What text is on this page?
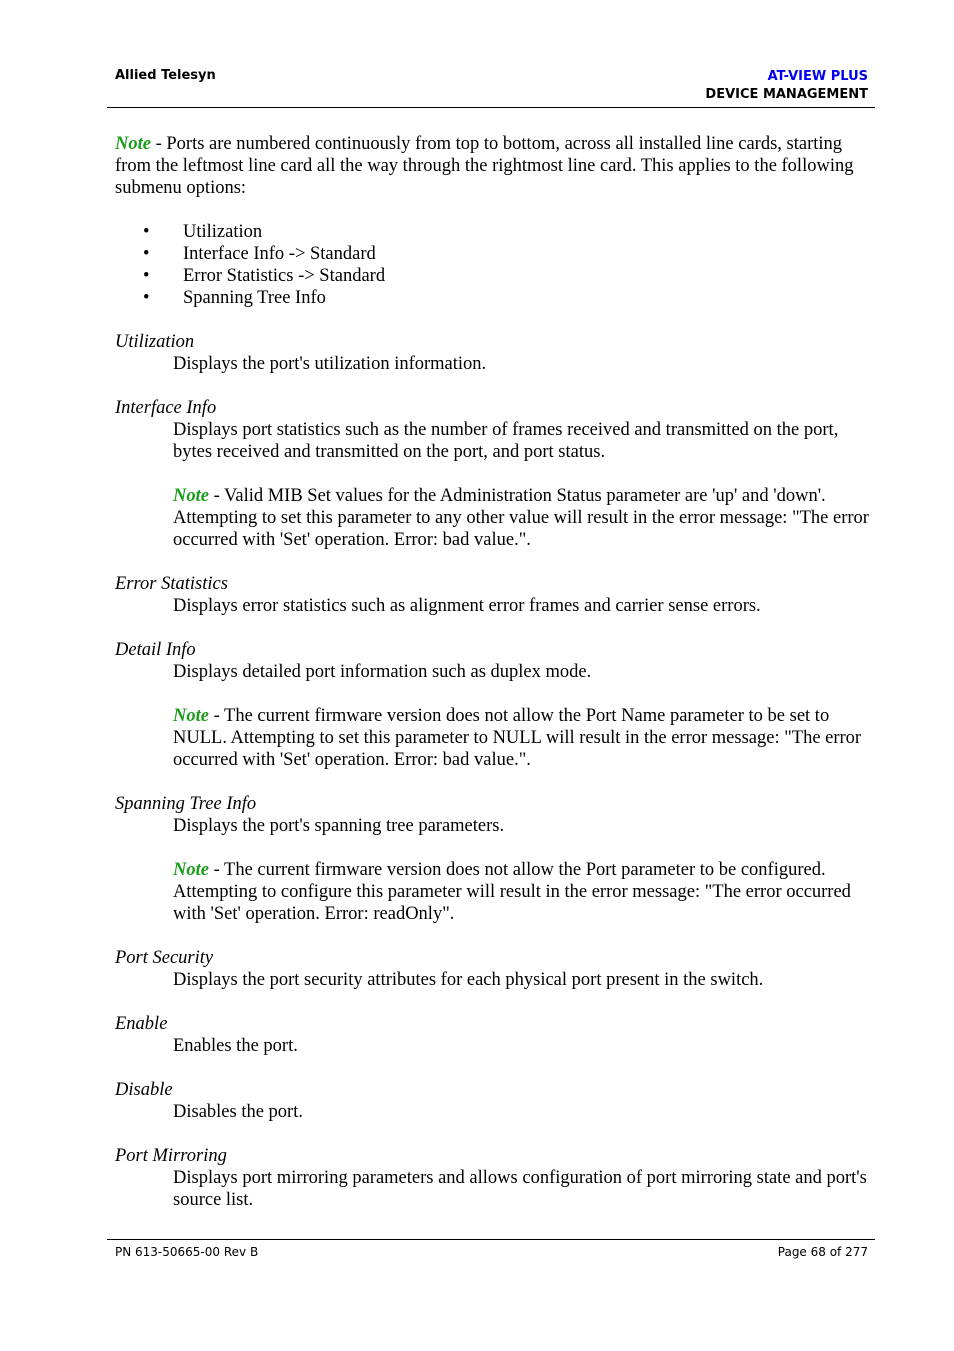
Allied Telesyn	AT-VIEW PLUS
DEVICE MANAGEMENT

Note - Ports are numbered continuously from top to bottom, across all installed line cards, starting from the leftmost line card all the way through the rightmost line card. This applies to the following submenu options:

• Utilization
• Interface Info -> Standard
• Error Statistics -> Standard
• Spanning Tree Info
Utilization
Displays the port's utilization information.
Interface Info
Displays port statistics such as the number of frames received and transmitted on the port, bytes received and transmitted on the port, and port status.
Note - Valid MIB Set values for the Administration Status parameter are 'up' and 'down'. Attempting to set this parameter to any other value will result in the error message: "The error occurred with 'Set' operation. Error: bad value.".
Error Statistics
Displays error statistics such as alignment error frames and carrier sense errors.
Detail Info
Displays detailed port information such as duplex mode.
Note - The current firmware version does not allow the Port Name parameter to be set to NULL. Attempting to set this parameter to NULL will result in the error message: "The error occurred with 'Set' operation. Error: bad value.".
Spanning Tree Info
Displays the port's spanning tree parameters.
Note - The current firmware version does not allow the Port parameter to be configured. Attempting to configure this parameter will result in the error message: "The error occurred with 'Set' operation. Error: readOnly".
Port Security
Displays the port security attributes for each physical port present in the switch.
Enable
Enables the port.
Disable
Disables the port.
Port Mirroring
Displays port mirroring parameters and allows configuration of port mirroring state and port's source list.
PN 613-50665-00 Rev B	Page 68 of 277
